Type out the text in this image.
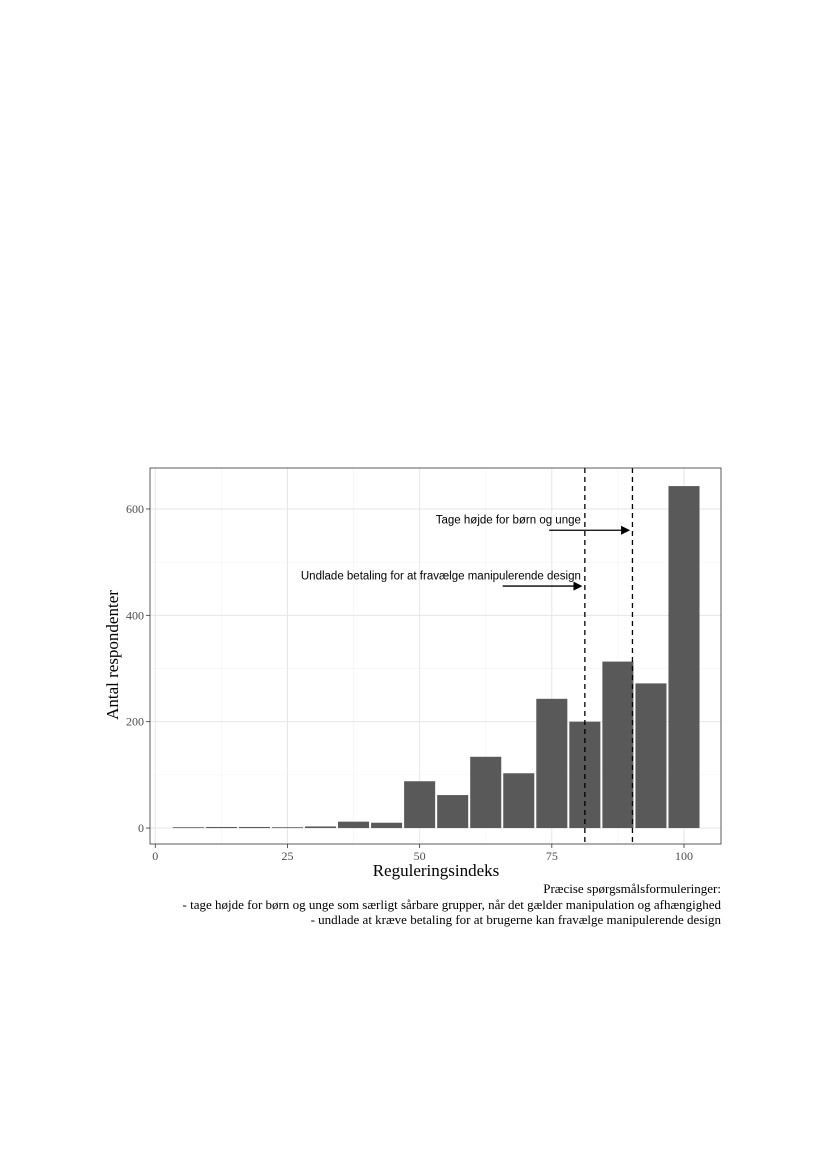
Tage højde for børn og unge
Undlade betaling for at fravælge manipulerende design
0	25	50	75	100
0
200
400
600
Reguleringsindeks
Antal respondenter
Præcise spørgsmålsformuleringer:
- tage højde for børn og unge som særligt sårbare grupper, når det gælder manipulation og afhængighed
- undlade at kræve betaling for at brugerne kan fravælge manipulerende design
